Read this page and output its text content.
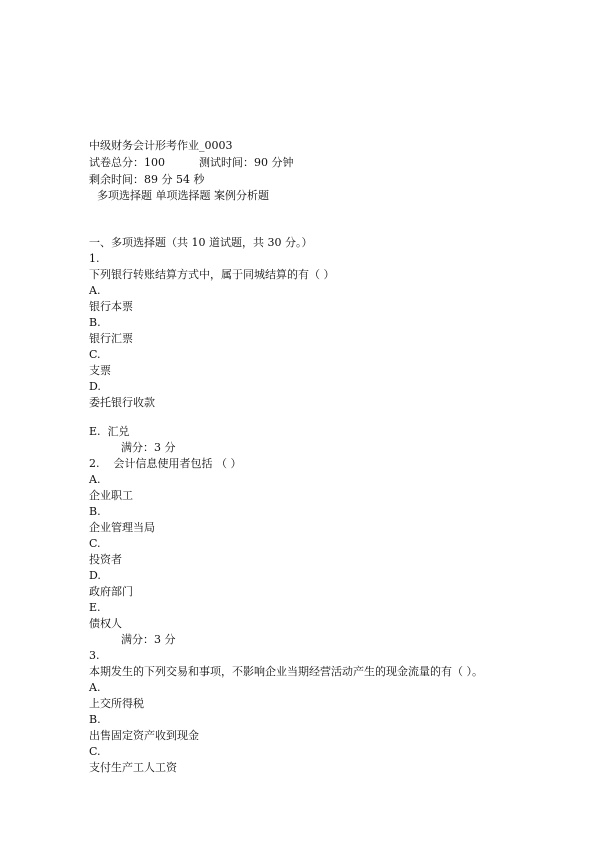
中级财务会计形考作业_0003
试卷总分：100	测试时间：90 分钟
剩余时间：89 分 54 秒
多项选择题 单项选择题 案例分析题
一、多项选择题（共 10 道试题，共 30 分。）
1.
下列银行转账结算方式中，属于同城结算的有（ ）
A.
银行本票
B.
银行汇票
C.
支票
D.
委托银行收款
E. 汇兑
满分：3 分
2. 会计信息使用者包括 （ ）
A.
企业职工
B.
企业管理当局
C.
投资者
D.
政府部门
E.
债权人
满分：3 分
3.
本期发生的下列交易和事项，不影响企业当期经营活动产生的现金流量的有（ ）。
A.
上交所得税
B.
出售固定资产收到现金
C.
支付生产工人工资
